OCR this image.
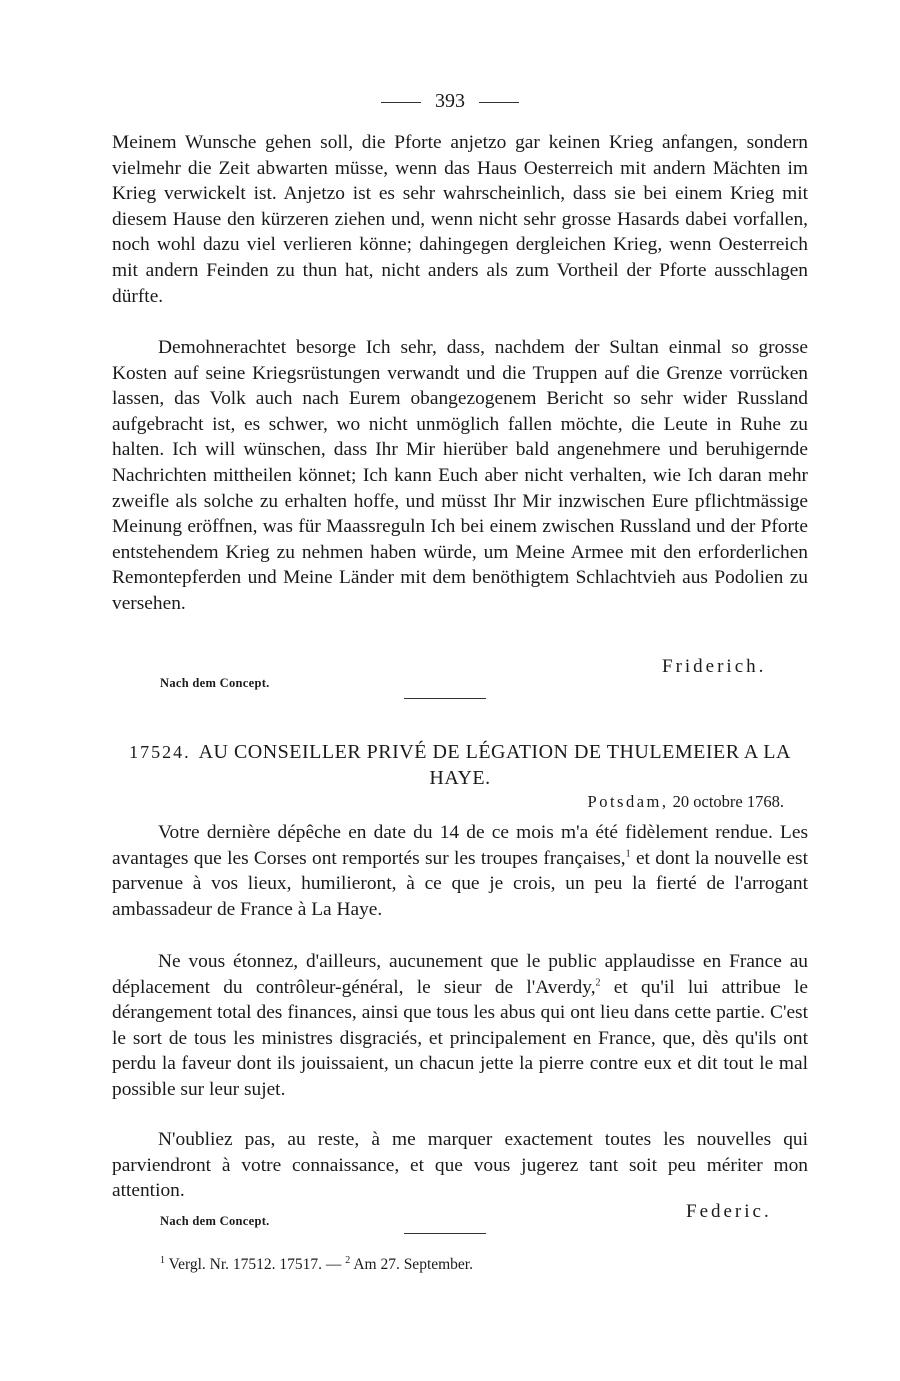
393

Meinem Wunsche gehen soll, die Pforte anjetzo gar keinen Krieg anfangen, sondern vielmehr die Zeit abwarten müsse, wenn das Haus Oesterreich mit andern Mächten im Krieg verwickelt ist. Anjetzo ist es sehr wahrscheinlich, dass sie bei einem Krieg mit diesem Hause den kürzeren ziehen und, wenn nicht sehr grosse Hasards dabei vorfallen, noch wohl dazu viel verlieren könne; dahingegen dergleichen Krieg, wenn Oesterreich mit andern Feinden zu thun hat, nicht anders als zum Vortheil der Pforte ausschlagen dürfte.

Demohnerachtet besorge Ich sehr, dass, nachdem der Sultan einmal so grosse Kosten auf seine Kriegsrüstungen verwandt und die Truppen auf die Grenze vorrücken lassen, das Volk auch nach Eurem obangezogenem Bericht so sehr wider Russland aufgebracht ist, es schwer, wo nicht unmöglich fallen möchte, die Leute in Ruhe zu halten. Ich will wünschen, dass Ihr Mir hierüber bald angenehmere und beruhigernde Nachrichten mittheilen könnet; Ich kann Euch aber nicht verhalten, wie Ich daran mehr zweifle als solche zu erhalten hoffe, und müsst Ihr Mir inzwischen Eure pflichtmässige Meinung eröffnen, was für Maassreguln Ich bei einem zwischen Russland und der Pforte entstehendem Krieg zu nehmen haben würde, um Meine Armee mit den erforderlichen Remontepferden und Meine Länder mit dem benöthigtem Schlachtvieh aus Podolien zu versehen.

Friderich.
Nach dem Concept.

17524. AU CONSEILLER PRIVÉ DE LÉGATION DE THULEMEIER A LA HAYE.

Potsdam, 20 octobre 1768.

Votre dernière dépêche en date du 14 de ce mois m'a été fidèlement rendue. Les avantages que les Corses ont remportés sur les troupes françaises,$^1$ et dont la nouvelle est parvenue à vos lieux, humilieront, à ce que je crois, un peu la fierté de l'arrogant ambassadeur de France à La Haye.

Ne vous étonnez, d'ailleurs, aucunement que le public applaudisse en France au déplacement du contrôleur-général, le sieur de l'Averdy,$^2$ et qu'il lui attribue le dérangement total des finances, ainsi que tous les abus qui ont lieu dans cette partie. C'est le sort de tous les ministres disgraciés, et principalement en France, que, dès qu'ils ont perdu la faveur dont ils jouissaient, un chacun jette la pierre contre eux et dit tout le mal possible sur leur sujet.

N'oubliez pas, au reste, à me marquer exactement toutes les nouvelles qui parviendront à votre connaissance, et que vous jugerez tant soit peu mériter mon attention.

Federic.
Nach dem Concept.
$^1$ Vergl. Nr. 17512. 17517. — $^2$ Am 27. September.
